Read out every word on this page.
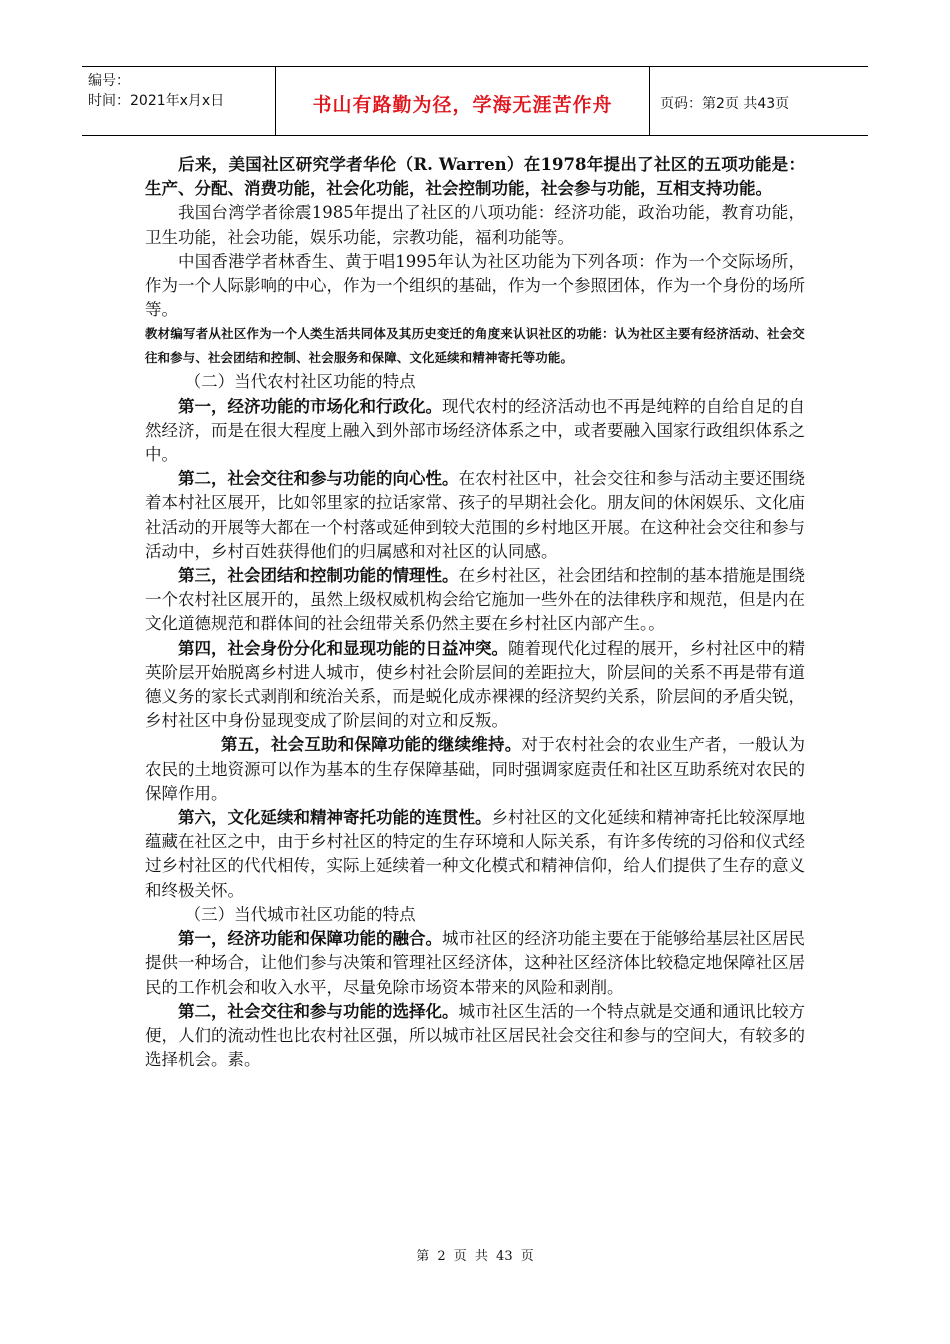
编号：
时间：2021年x月x日	书山有路勤为径，学海无涯苦作舟	页码：第2页 共43页

后来，美国社区研究学者华伦（R. Warren）在1978年提出了社区的五项功能是：生产、分配、消费功能，社会化功能，社会控制功能，社会参与功能，互相支持功能。

我国台湾学者徐震1985年提出了社区的八项功能：经济功能，政治功能，教育功能，卫生功能，社会功能，娱乐功能，宗教功能，福利功能等。

中国香港学者林香生、黄于唱1995年认为社区功能为下列各项：作为一个交际场所，作为一个人际影响的中心，作为一个组织的基础，作为一个参照团体，作为一个身份的场所等。

教材编写者从社区作为一个人类生活共同体及其历史变迁的角度来认识社区的功能：认为社区主要有经济活动、社会交往和参与、社会团结和控制、社会服务和保障、文化延续和精神寄托等功能。

（二）当代农村社区功能的特点

第一，经济功能的市场化和行政化。现代农村的经济活动也不再是纯粹的自给自足的自然经济，而是在很大程度上融入到外部市场经济体系之中，或者要融入国家行政组织体系之中。

第二，社会交往和参与功能的向心性。在农村社区中，社会交往和参与活动主要还围绕着本村社区展开，比如邻里家的拉话家常、孩子的早期社会化。朋友间的休闲娱乐、文化庙社活动的开展等大都在一个村落或延伸到较大范围的乡村地区开展。在这种社会交往和参与活动中，乡村百姓获得他们的归属感和对社区的认同感。

第三，社会团结和控制功能的情理性。在乡村社区，社会团结和控制的基本措施是围绕一个农村社区展开的，虽然上级权威机构会给它施加一些外在的法律秩序和规范，但是内在文化道德规范和群体间的社会纽带关系仍然主要在乡村社区内部产生。。

第四，社会身份分化和显现功能的日益冲突。随着现代化过程的展开，乡村社区中的精英阶层开始脱离乡村进人城市，使乡村社会阶层间的差距拉大，阶层间的关系不再是带有道德义务的家长式剥削和统治关系，而是蜕化成赤裸裸的经济契约关系，阶层间的矛盾尖锐，乡村社区中身份显现变成了阶层间的对立和反叛。

第五，社会互助和保障功能的继续维持。对于农村社会的农业生产者，一般认为农民的土地资源可以作为基本的生存保障基础，同时强调家庭责任和社区互助系统对农民的保障作用。

第六，文化延续和精神寄托功能的连贯性。乡村社区的文化延续和精神寄托比较深厚地蕴藏在社区之中，由于乡村社区的特定的生存环境和人际关系，有许多传统的习俗和仪式经过乡村社区的代代相传，实际上延续着一种文化模式和精神信仰，给人们提供了生存的意义和终极关怀。

（三）当代城市社区功能的特点

第一，经济功能和保障功能的融合。城市社区的经济功能主要在于能够给基层社区居民提供一种场合，让他们参与决策和管理社区经济体，这种社区经济体比较稳定地保障社区居民的工作机会和收入水平，尽量免除市场资本带来的风险和剥削。

第二，社会交往和参与功能的选择化。城市社区生活的一个特点就是交通和通讯比较方便，人们的流动性也比农村社区强，所以城市社区居民社会交往和参与的空间大，有较多的选择机会。素。

第 2 页 共 43 页
